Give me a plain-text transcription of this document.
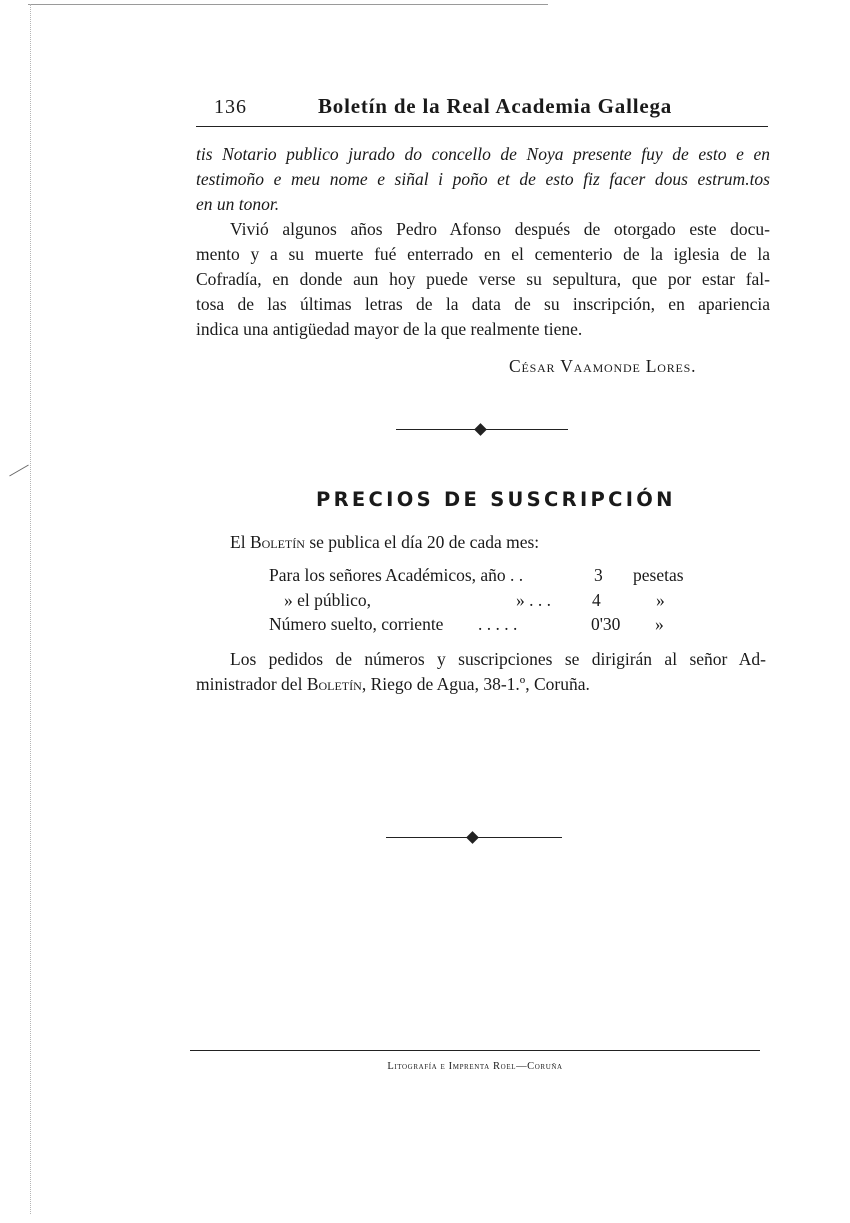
136	Boletín de la Real Academia Gallega
tis Notario publico jurado do concello de Noya presente fuy de esto e en
testimoño e meu nome e siñal i poño et de esto fiz facer dous estrum.tos
en un tonor.
Vivió algunos años Pedro Afonso después de otorgado este docu-
mento y a su muerte fué enterrado en el cementerio de la iglesia de la
Cofradía, en donde aun hoy puede verse su sepultura, que por estar fal-
tosa de las últimas letras de la data de su inscripción, en apariencia
indica una antigüedad mayor de la que realmente tiene.
César Vaamonde Lores.
PRECIOS DE SUSCRIPCIÓN
El Boletín se publica el día 20 de cada mes:
Para los señores Académicos, año . .	3 pesetas
» el público,	» . . . 4	»
Número suelto, corriente . . . . .	0'30 »
Los pedidos de números y suscripciones se dirigirán al señor Ad-
ministrador del Boletín, Riego de Agua, 38-1.º, Coruña.
Litografía e Imprenta Roel—Coruña
